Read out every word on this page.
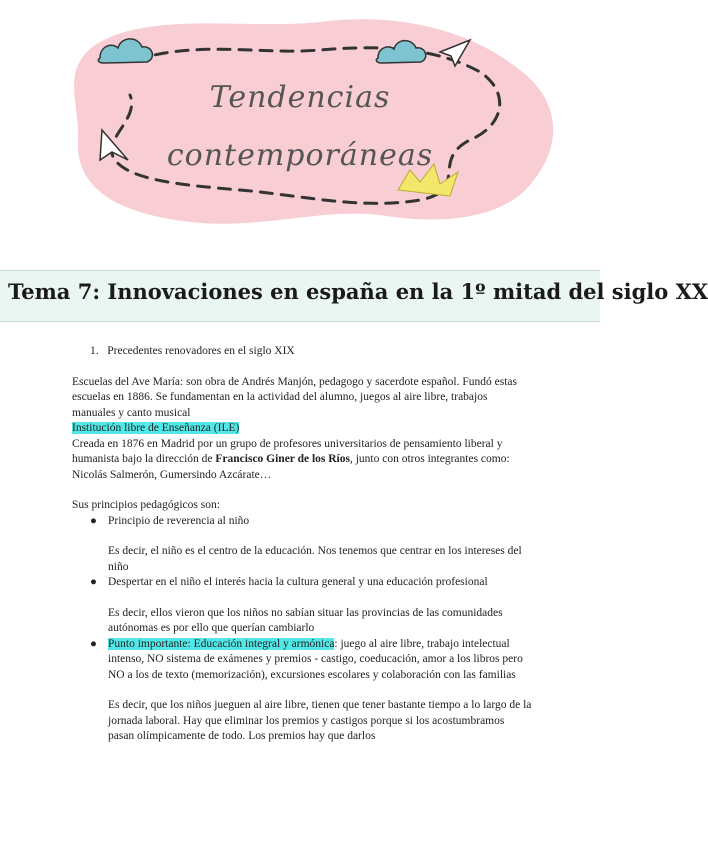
Tendencias
contemporáneas
Tema 7: Innovaciones en españa en la 1º mitad del siglo XX

1. Precedentes renovadores en el siglo XIX

Escuelas del Ave María: son obra de Andrés Manjón, pedagogo y sacerdote español. Fundó estas escuelas en 1886. Se fundamentan en la actividad del alumno, juegos al aire libre, trabajos manuales y canto musical

Institución libre de Enseñanza (ILE)

Creada en 1876 en Madrid por un grupo de profesores universitarios de pensamiento liberal y humanista bajo la dirección de Francisco Giner de los Ríos, junto con otros integrantes como: Nicolás Salmerón, Gumersindo Azcárate…

Sus principios pedagógicos son:

● Principio de reverencia al niño

Es decir, el niño es el centro de la educación. Nos tenemos que centrar en los intereses del niño

● Despertar en el niño el interés hacia la cultura general y una educación profesional

Es decir, ellos vieron que los niños no sabían situar las provincias de las comunidades autónomas es por ello que querían cambiarlo

● Punto importante: Educación integral y armónica: juego al aire libre, trabajo intelectual intenso, NO sistema de exámenes y premios - castigo, coeducación, amor a los libros pero NO a los de texto (memorización), excursiones escolares y colaboración con las familias

Es decir, que los niños jueguen al aire libre, tienen que tener bastante tiempo a lo largo de la jornada laboral. Hay que eliminar los premios y castigos porque si los acostumbramos pasan olímpicamente de todo. Los premios hay que darlos
